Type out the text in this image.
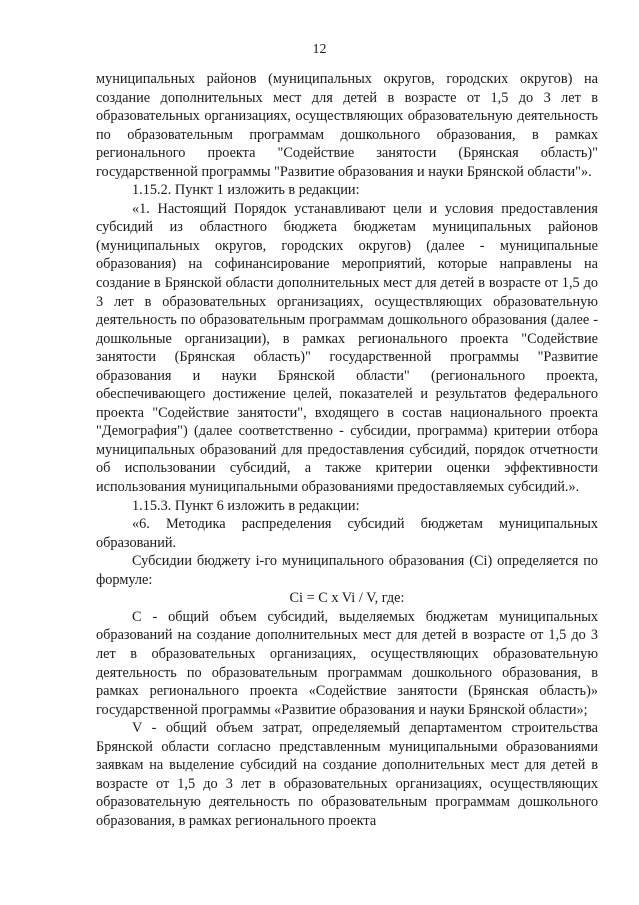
12

муниципальных районов (муниципальных округов, городских округов) на создание дополнительных мест для детей в возрасте от 1,5 до 3 лет в образовательных организациях, осуществляющих образовательную деятельность по образовательным программам дошкольного образования, в рамках регионального проекта "Содействие занятости (Брянская область)" государственной программы "Развитие образования и науки Брянской области"».

1.15.2. Пункт 1 изложить в редакции:

«1. Настоящий Порядок устанавливают цели и условия предоставления субсидий из областного бюджета бюджетам муниципальных районов (муниципальных округов, городских округов) (далее - муниципальные образования) на софинансирование мероприятий, которые направлены на создание в Брянской области дополнительных мест для детей в возрасте от 1,5 до 3 лет в образовательных организациях, осуществляющих образовательную деятельность по образовательным программам дошкольного образования (далее - дошкольные организации), в рамках регионального проекта "Содействие занятости (Брянская область)" государственной программы "Развитие образования и науки Брянской области" (регионального проекта, обеспечивающего достижение целей, показателей и результатов федерального проекта "Содействие занятости", входящего в состав национального проекта "Демография") (далее соответственно - субсидии, программа) критерии отбора муниципальных образований для предоставления субсидий, порядок отчетности об использовании субсидий, а также критерии оценки эффективности использования муниципальными образованиями предоставляемых субсидий.».

1.15.3. Пункт 6 изложить в редакции:

«6. Методика распределения субсидий бюджетам муниципальных образований.

Субсидии бюджету i-го муниципального образования (Ci) определяется по формуле:

Ci = C x Vi / V, где:

C - общий объем субсидий, выделяемых бюджетам муниципальных образований на создание дополнительных мест для детей в возрасте от 1,5 до 3 лет в образовательных организациях, осуществляющих образовательную деятельность по образовательным программам дошкольного образования, в рамках регионального проекта «Содействие занятости (Брянская область)» государственной программы «Развитие образования и науки Брянской области»;

V - общий объем затрат, определяемый департаментом строительства Брянской области согласно представленным муниципальными образованиями заявкам на выделение субсидий на создание дополнительных мест для детей в возрасте от 1,5 до 3 лет в образовательных организациях, осуществляющих образовательную деятельность по образовательным программам дошкольного образования, в рамках регионального проекта
